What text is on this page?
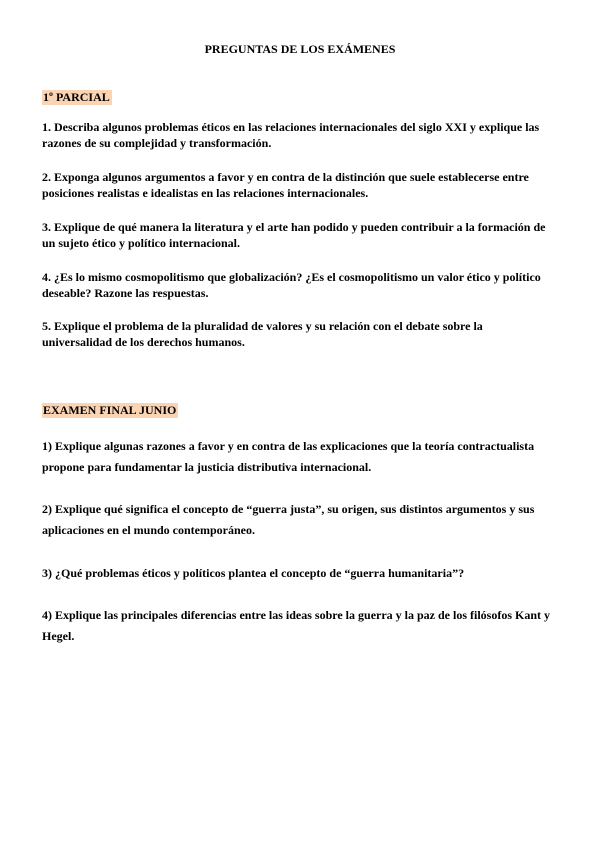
PREGUNTAS DE LOS EXÁMENES
1º PARCIAL

1. Describa algunos problemas éticos en las relaciones internacionales del siglo XXI y explique las razones de su complejidad y transformación.

2. Exponga algunos argumentos a favor y en contra de la distinción que suele establecerse entre posiciones realistas e idealistas en las relaciones internacionales.

3. Explique de qué manera la literatura y el arte han podido y pueden contribuir a la formación de un sujeto ético y político internacional.

4. ¿Es lo mismo cosmopolitismo que globalización? ¿Es el cosmopolitismo un valor ético y político deseable? Razone las respuestas.

5. Explique el problema de la pluralidad de valores y su relación con el debate sobre la universalidad de los derechos humanos.

EXAMEN FINAL JUNIO

1) Explique algunas razones a favor y en contra de las explicaciones que la teoría contractualista propone para fundamentar la justicia distributiva internacional.

2) Explique qué significa el concepto de “guerra justa”, su origen, sus distintos argumentos y sus aplicaciones en el mundo contemporáneo.

3) ¿Qué problemas éticos y políticos plantea el concepto de “guerra humanitaria”?

4) Explique las principales diferencias entre las ideas sobre la guerra y la paz de los filósofos Kant y Hegel.
